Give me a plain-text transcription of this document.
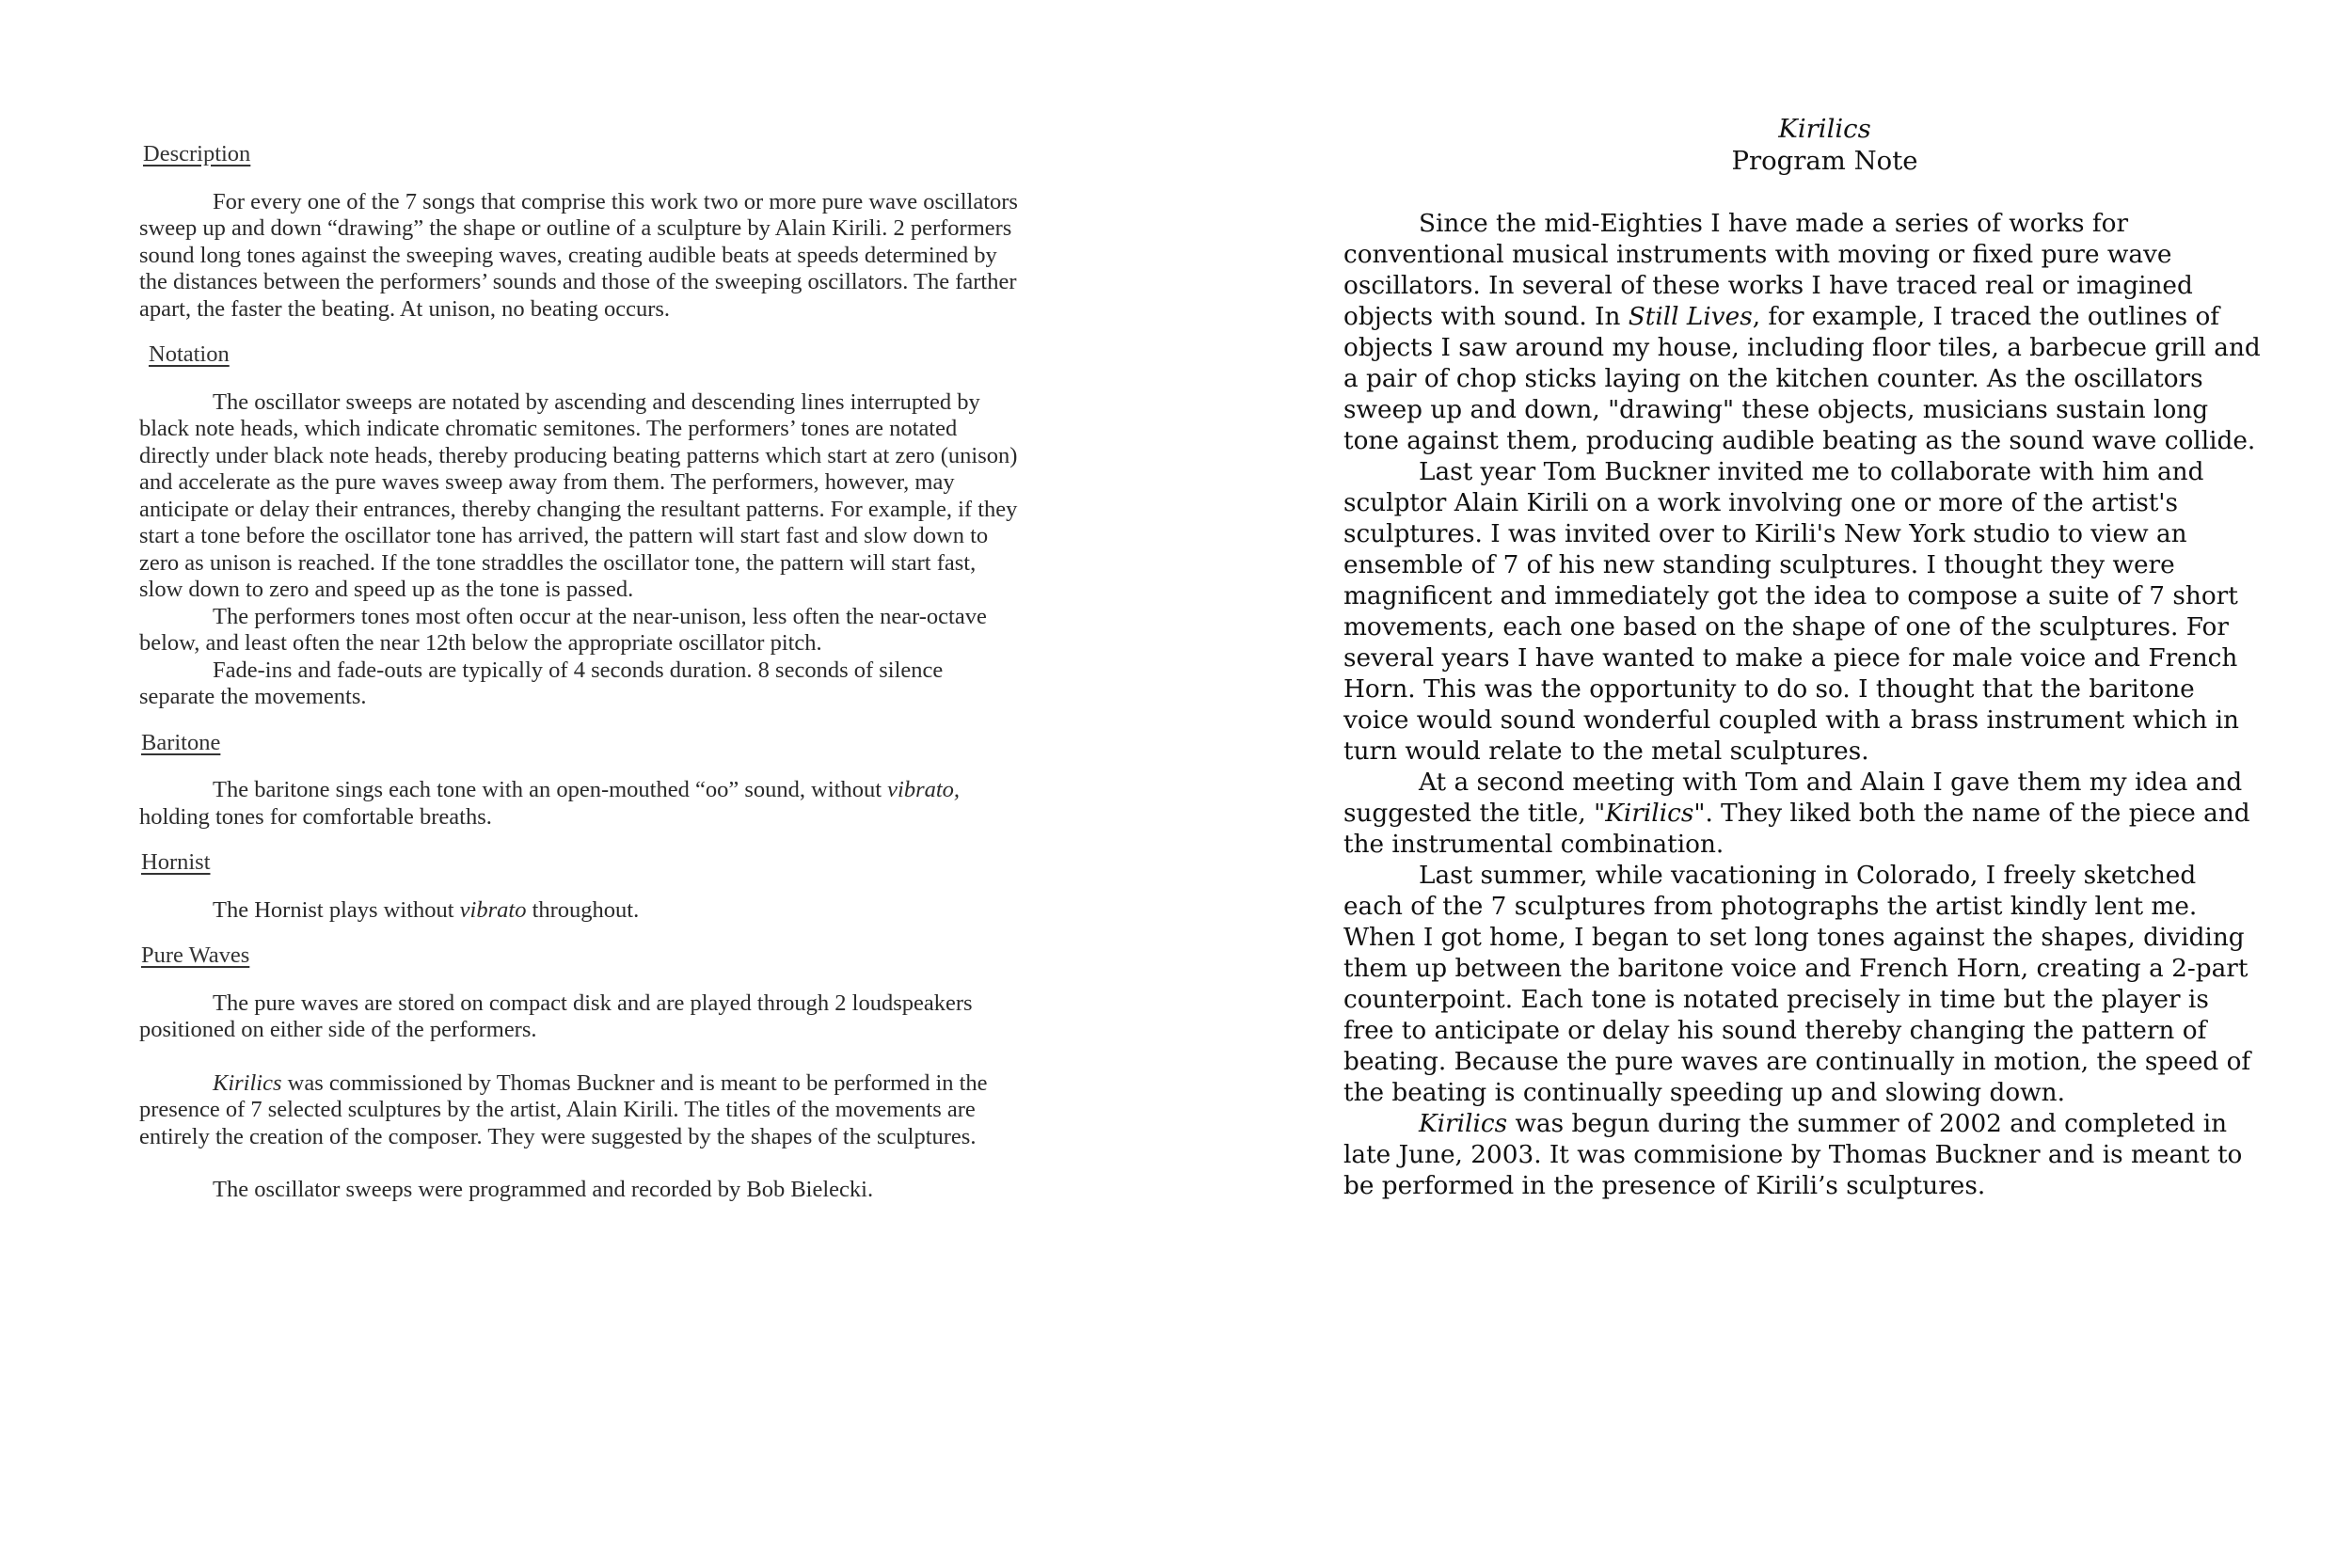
Description

For every one of the 7 songs that comprise this work two or more pure wave oscillators sweep up and down “drawing” the shape or outline of a sculpture by Alain Kirili. 2 performers sound long tones against the sweeping waves, creating audible beats at speeds determined by the distances between the performers’ sounds and those of the sweeping oscillators. The farther apart, the faster the beating. At unison, no beating occurs.

Notation

The oscillator sweeps are notated by ascending and descending lines interrupted by black note heads, which indicate chromatic semitones. The performers’ tones are notated directly under black note heads, thereby producing beating patterns which start at zero (unison) and accelerate as the pure waves sweep away from them. The performers, however, may anticipate or delay their entrances, thereby changing the resultant patterns. For example, if they start a tone before the oscillator tone has arrived, the pattern will start fast and slow down to zero as unison is reached. If the tone straddles the oscillator tone, the pattern will start fast, slow down to zero and speed up as the tone is passed.

The performers tones most often occur at the near-unison, less often the near-octave below, and least often the near 12th below the appropriate oscillator pitch.

Fade-ins and fade-outs are typically of 4 seconds duration. 8 seconds of silence separate the movements.

Baritone

The baritone sings each tone with an open-mouthed “oo” sound, without vibrato, holding tones for comfortable breaths.

Hornist

The Hornist plays without vibrato throughout.

Pure Waves

The pure waves are stored on compact disk and are played through 2 loudspeakers positioned on either side of the performers.

Kirilics was commissioned by Thomas Buckner and is meant to be performed in the presence of 7 selected sculptures by the artist, Alain Kirili. The titles of the movements are entirely the creation of the composer. They were suggested by the shapes of the sculptures.

The oscillator sweeps were programmed and recorded by Bob Bielecki.

Kirilics
Program Note

Since the mid-Eighties I have made a series of works for conventional musical instruments with moving or fixed pure wave oscillators. In several of these works I have traced real or imagined objects with sound. In Still Lives, for example, I traced the outlines of objects I saw around my house, including floor tiles, a barbecue grill and a pair of chop sticks laying on the kitchen counter. As the oscillators sweep up and down, "drawing" these objects, musicians sustain long tone against them, producing audible beating as the sound wave collide.

Last year Tom Buckner invited me to collaborate with him and sculptor Alain Kirili on a work involving one or more of the artist's sculptures. I was invited over to Kirili's New York studio to view an ensemble of 7 of his new standing sculptures. I thought they were magnificent and immediately got the idea to compose a suite of 7 short movements, each one based on the shape of one of the sculptures. For several years I have wanted to make a piece for male voice and French Horn. This was the opportunity to do so. I thought that the baritone voice would sound wonderful coupled with a brass instrument which in turn would relate to the metal sculptures.

At a second meeting with Tom and Alain I gave them my idea and suggested the title, "Kirilics". They liked both the name of the piece and the instrumental combination.

Last summer, while vacationing in Colorado, I freely sketched each of the 7 sculptures from photographs the artist kindly lent me. When I got home, I began to set long tones against the shapes, dividing them up between the baritone voice and French Horn, creating a 2-part counterpoint. Each tone is notated precisely in time but the player is free to anticipate or delay his sound thereby changing the pattern of beating. Because the pure waves are continually in motion, the speed of the beating is continually speeding up and slowing down.

Kirilics was begun during the summer of 2002 and completed in late June, 2003. It was commisione by Thomas Buckner and is meant to be performed in the presence of Kirili’s sculptures.
